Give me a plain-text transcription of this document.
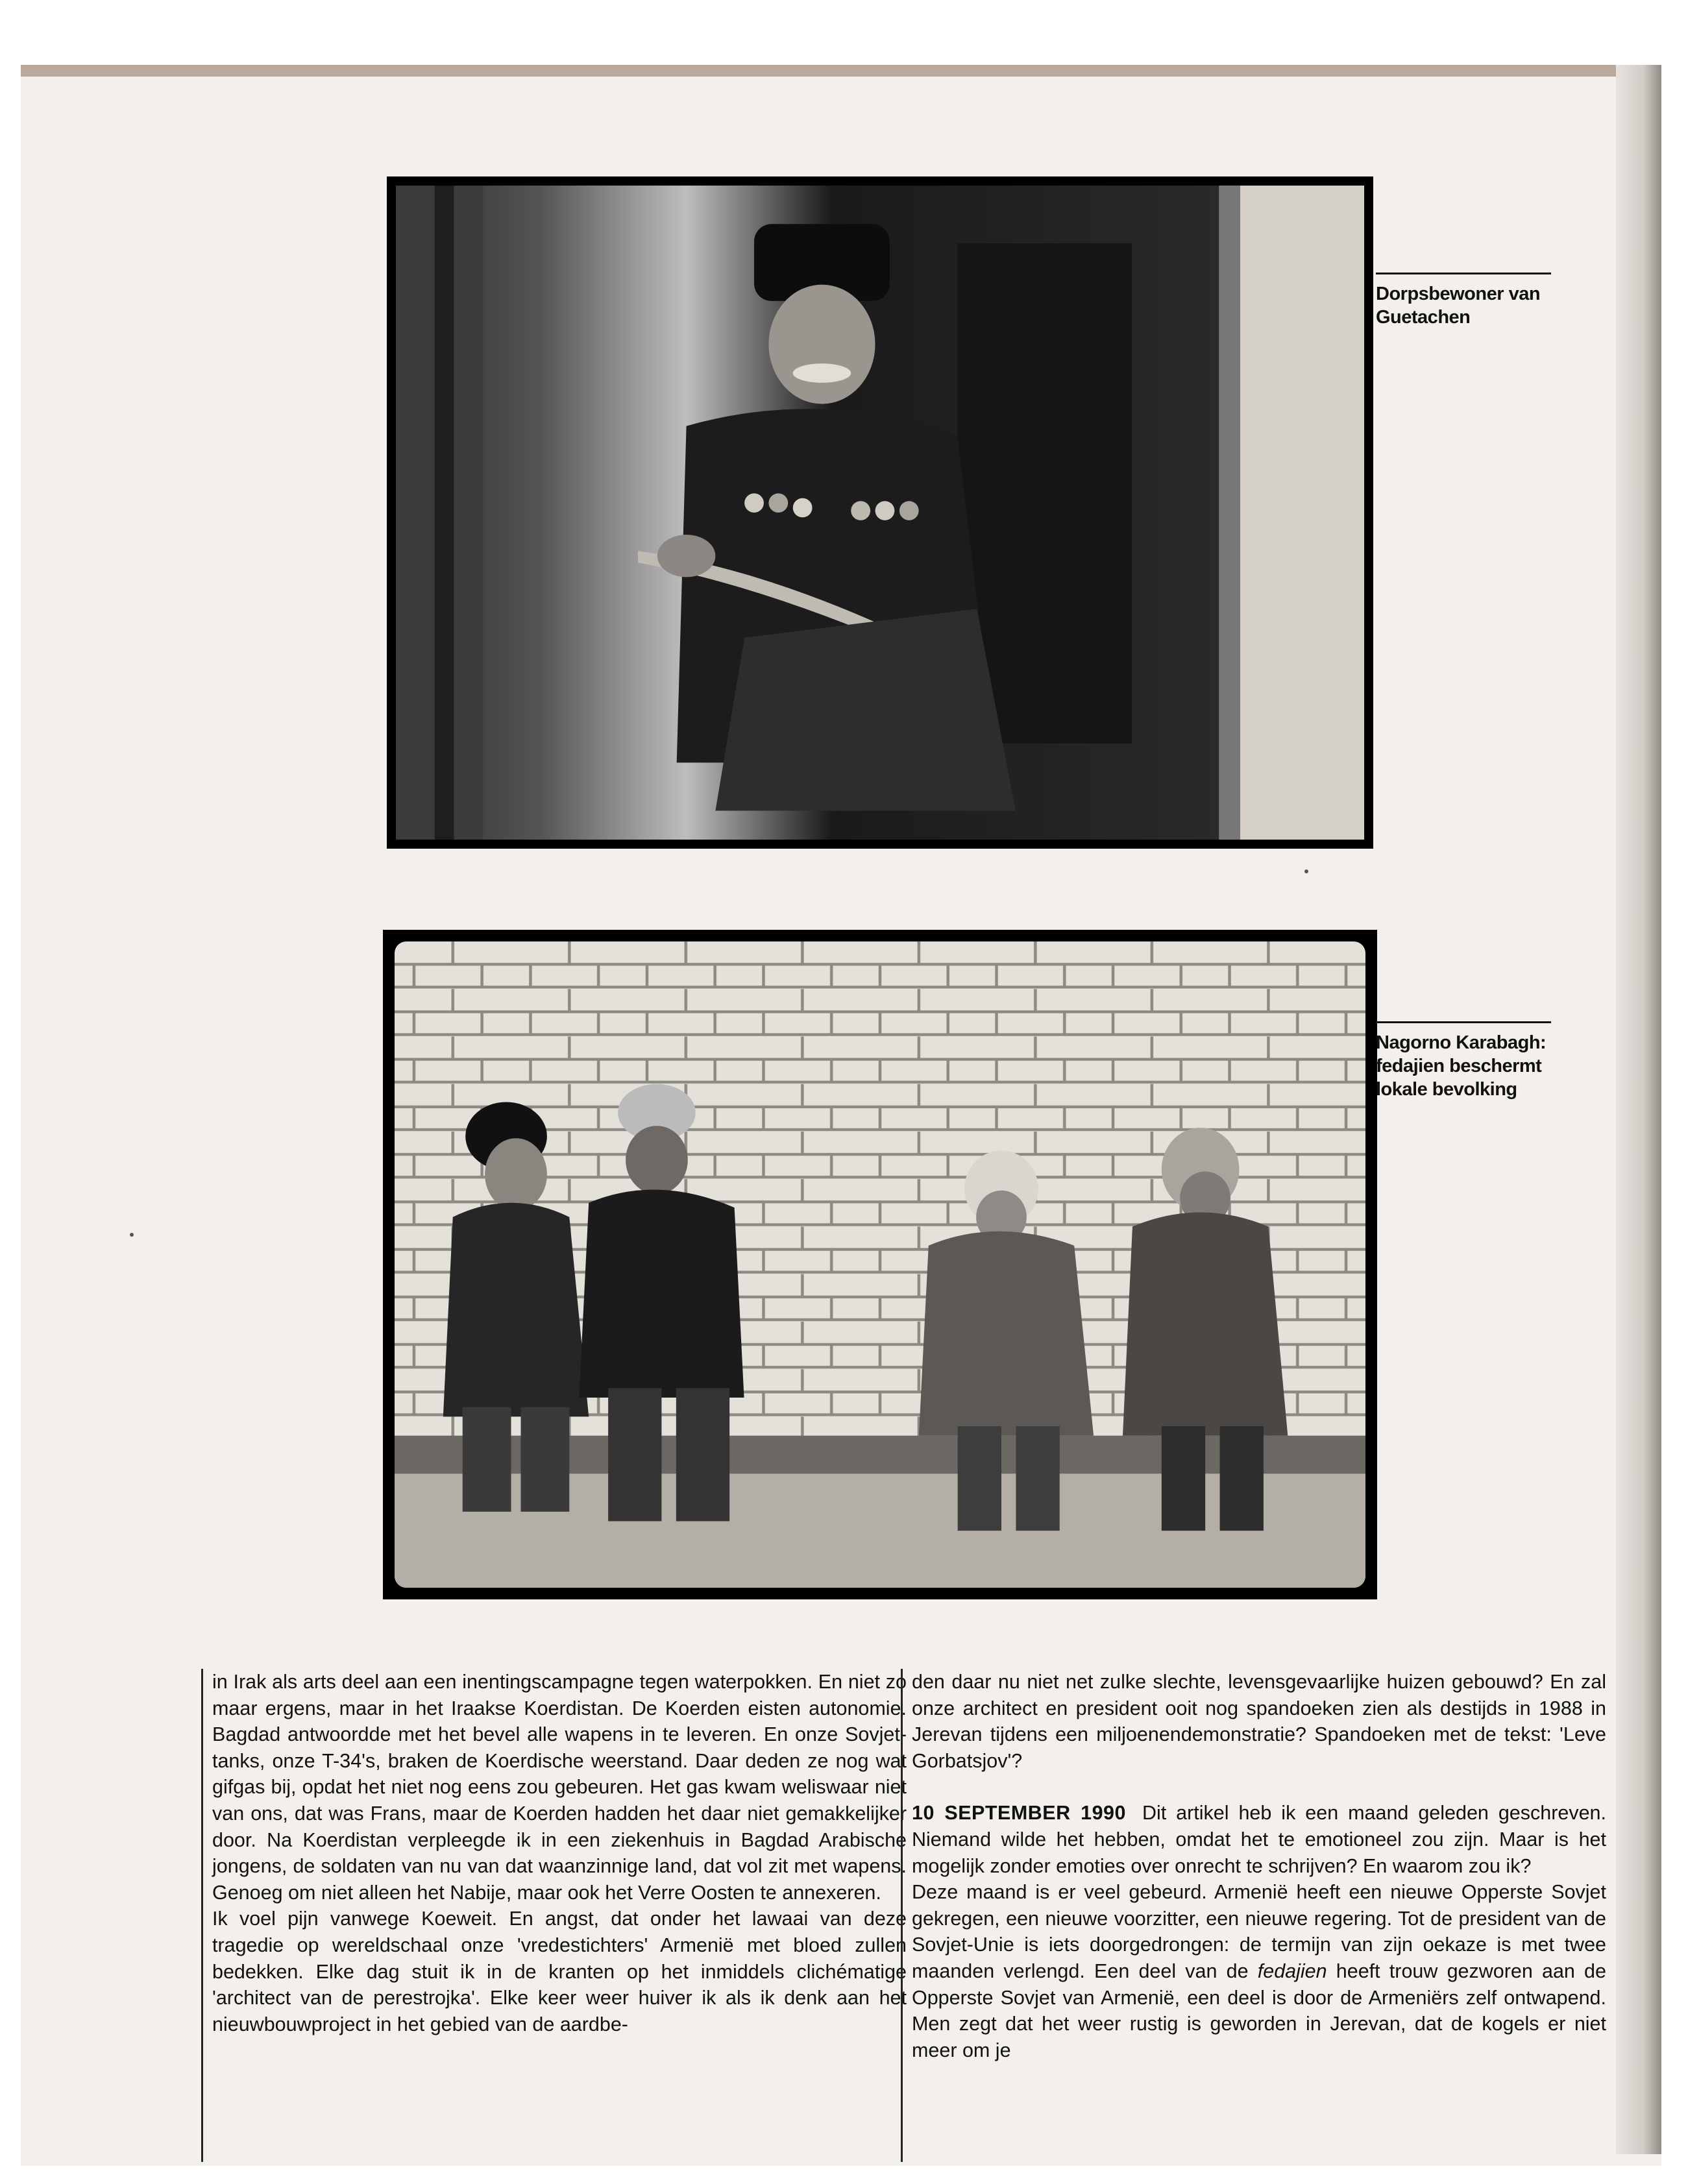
Dorpsbewoner van Guetachen
Nagorno Karabagh: fedajien beschermt lokale bevolking

in Irak als arts deel aan een inentingscampagne tegen waterpokken. En niet zo maar ergens, maar in het Iraakse Koerdistan. De Koerden eisten autonomie. Bagdad antwoordde met het bevel alle wapens in te leveren. En onze Sovjet-tanks, onze T-34's, braken de Koerdische weerstand. Daar deden ze nog wat gifgas bij, opdat het niet nog eens zou gebeuren. Het gas kwam weliswaar niet van ons, dat was Frans, maar de Koerden hadden het daar niet gemakkelijker door. Na Koerdistan verpleegde ik in een ziekenhuis in Bagdad Arabische jongens, de soldaten van nu van dat waanzinnige land, dat vol zit met wapens. Genoeg om niet alleen het Nabije, maar ook het Verre Oosten te annexeren.

Ik voel pijn vanwege Koeweit. En angst, dat onder het lawaai van deze tragedie op wereldschaal onze 'vredestichters' Armenië met bloed zullen bedekken. Elke dag stuit ik in de kranten op het inmiddels clichématige 'architect van de perestrojka'. Elke keer weer huiver ik als ik denk aan het nieuwbouwproject in het gebied van de aardbe-

den daar nu niet net zulke slechte, levensgevaarlijke huizen gebouwd? En zal onze architect en president ooit nog spandoeken zien als destijds in 1988 in Jerevan tijdens een miljoenendemonstratie? Spandoeken met de tekst: 'Leve Gorbatsjov'?

10 SEPTEMBER 1990 Dit artikel heb ik een maand geleden geschreven. Niemand wilde het hebben, omdat het te emotioneel zou zijn. Maar is het mogelijk zonder emoties over onrecht te schrijven? En waarom zou ik?

Deze maand is er veel gebeurd. Armenië heeft een nieuwe Opperste Sovjet gekregen, een nieuwe voorzitter, een nieuwe regering. Tot de president van de Sovjet-Unie is iets doorgedrongen: de termijn van zijn oekaze is met twee maanden verlengd. Een deel van de fedajien heeft trouw gezworen aan de Opperste Sovjet van Armenië, een deel is door de Armeniërs zelf ontwapend. Men zegt dat het weer rustig is geworden in Jerevan, dat de kogels er niet meer om je
